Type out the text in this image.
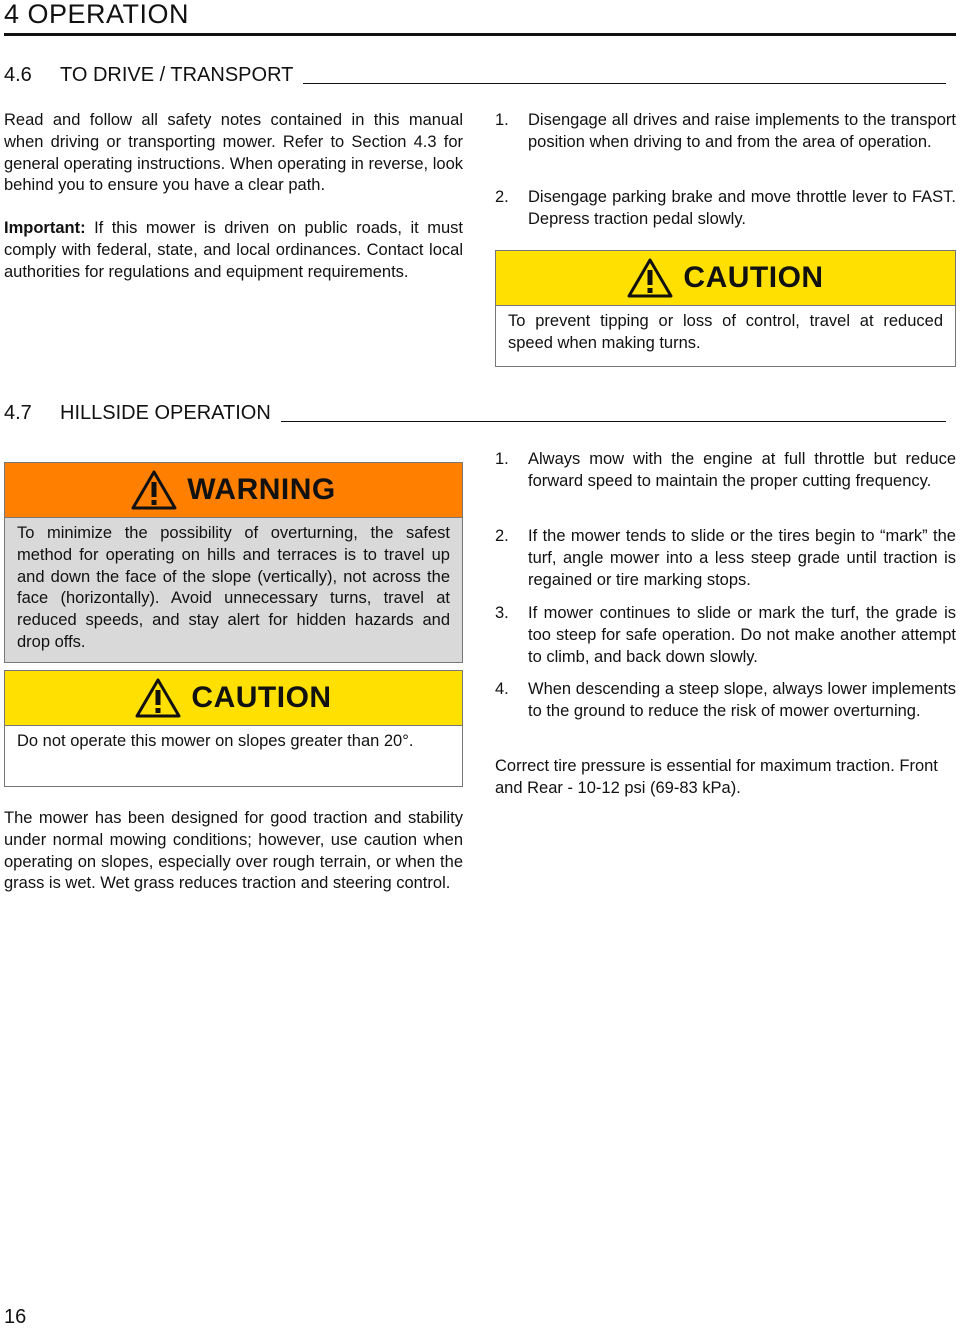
4 OPERATION
4.6	TO DRIVE / TRANSPORT
Read and follow all safety notes contained in this manual when driving or transporting mower. Refer to Section 4.3 for general operating instructions. When operating in reverse, look behind you to ensure you have a clear path.
Important: If this mower is driven on public roads, it must comply with federal, state, and local ordinances. Contact local authorities for regulations and equipment requirements.
1.	Disengage all drives and raise implements to the transport position when driving to and from the area of operation.
2.	Disengage parking brake and move throttle lever to FAST. Depress traction pedal slowly.
CAUTION
To prevent tipping or loss of control, travel at reduced speed when making turns.
4.7	HILLSIDE OPERATION
WARNING
To minimize the possibility of overturning, the safest method for operating on hills and terraces is to travel up and down the face of the slope (vertically), not across the face (horizontally). Avoid unnecessary turns, travel at reduced speeds, and stay alert for hidden hazards and drop offs.
CAUTION
Do not operate this mower on slopes greater than 20°.
The mower has been designed for good traction and stability under normal mowing conditions; however, use caution when operating on slopes, especially over rough terrain, or when the grass is wet. Wet grass reduces traction and steering control.
1.	Always mow with the engine at full throttle but reduce forward speed to maintain the proper cutting frequency.
2.	If the mower tends to slide or the tires begin to “mark” the turf, angle mower into a less steep grade until traction is regained or tire marking stops.
3.	If mower continues to slide or mark the turf, the grade is too steep for safe operation. Do not make another attempt to climb, and back down slowly.
4.	When descending a steep slope, always lower implements to the ground to reduce the risk of mower overturning.
Correct tire pressure is essential for maximum traction. Front and Rear - 10-12 psi (69-83 kPa).
16
